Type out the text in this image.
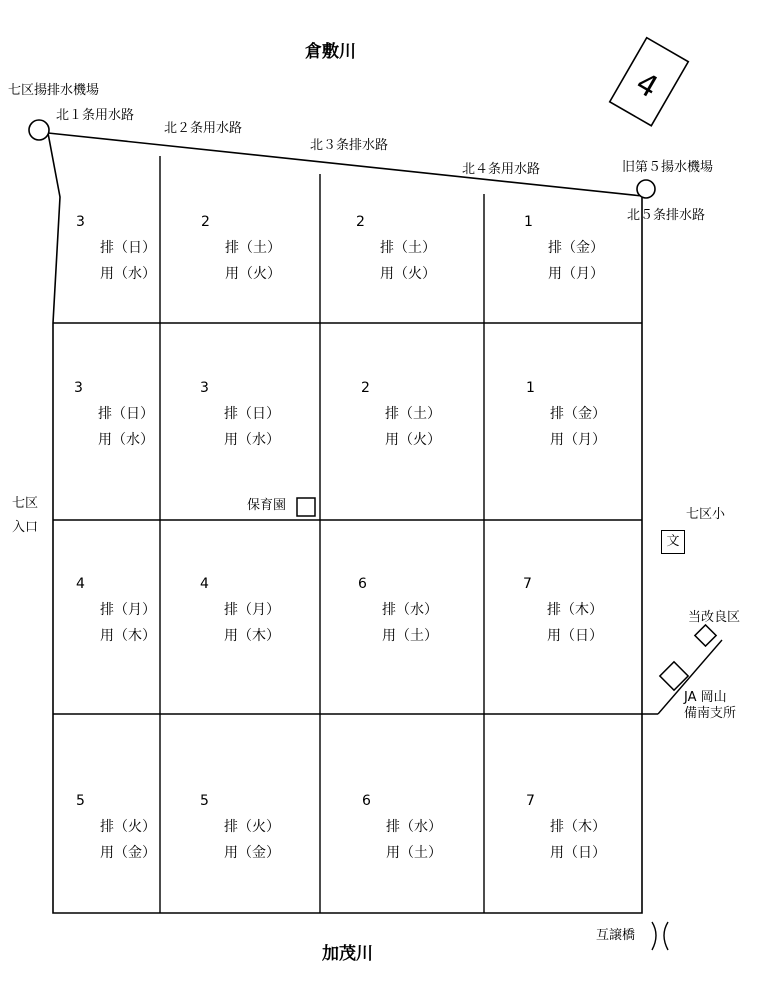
4
倉敷川
加茂川
七区揚排水機場
旧第５揚水機場
北１条用水路
北２条用水路
北３条排水路
北４条用水路
北５条排水路
七区
入口
保育園
七区小
文
当改良区
JA 岡山
備南支所
互譲橋
3
排（日）
用（水）
2
排（土）
用（火）
2
排（土）
用（火）
1
排（金）
用（月）
3
排（日）
用（水）
3
排（日）
用（水）
2
排（土）
用（火）
1
排（金）
用（月）
4
排（月）
用（木）
4
排（月）
用（木）
6
排（水）
用（土）
7
排（木）
用（日）
5
排（火）
用（金）
5
排（火）
用（金）
6
排（水）
用（土）
7
排（木）
用（日）
